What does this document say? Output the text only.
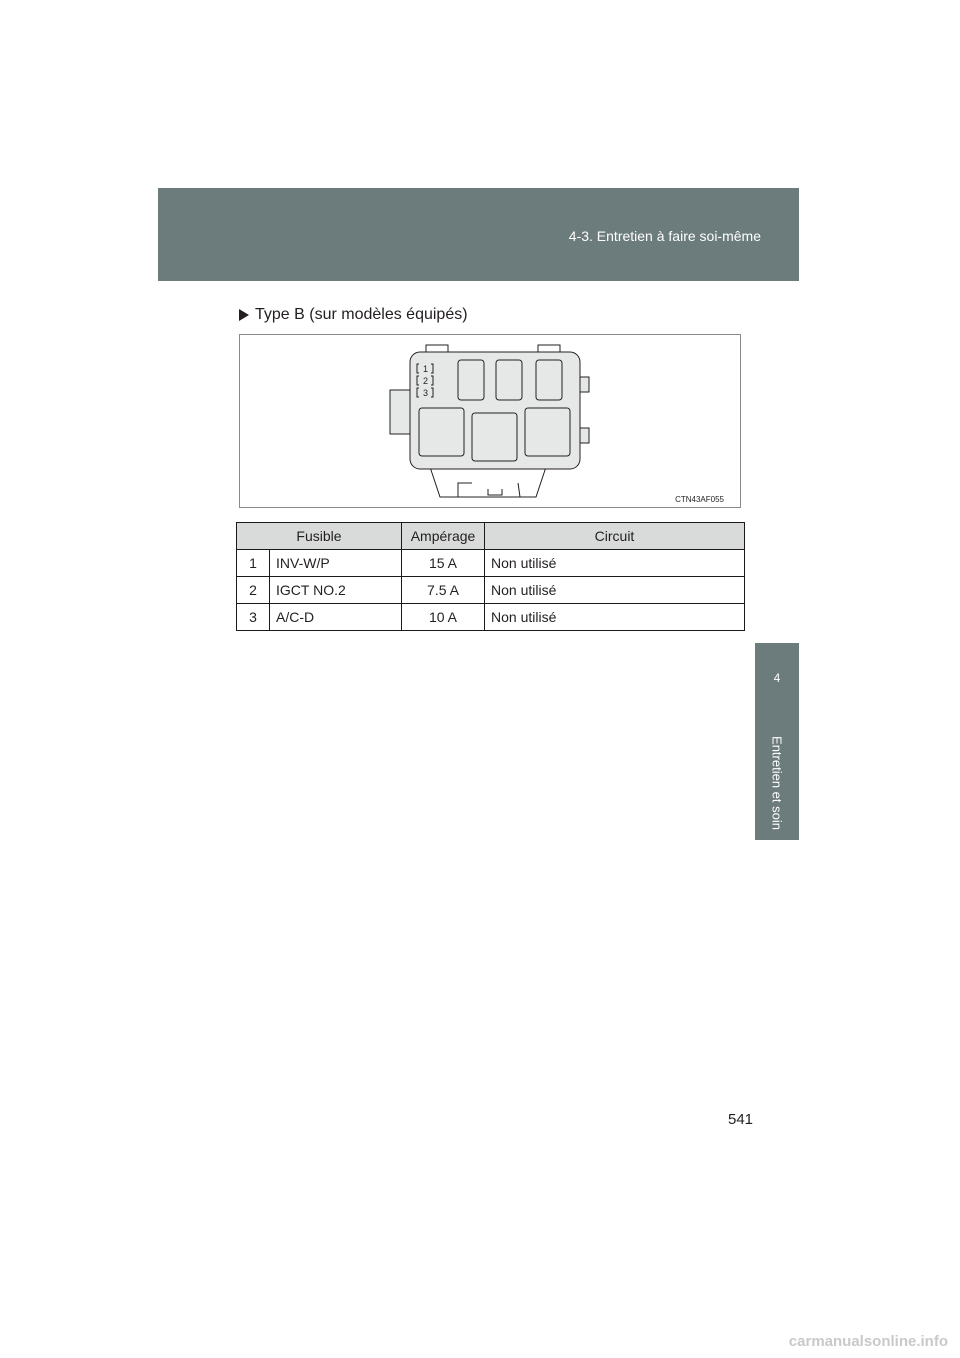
4-3. Entretien à faire soi-même
4
Entretien et soin
Type B (sur modèles équipés)
1
2
3
CTN43AF055
Fusible		Ampérage	Circuit
1	INV-W/P	15 A	Non utilisé
2	IGCT NO.2	7.5 A	Non utilisé
3	A/C-D	10 A	Non utilisé
541
carmanualsonline.info
